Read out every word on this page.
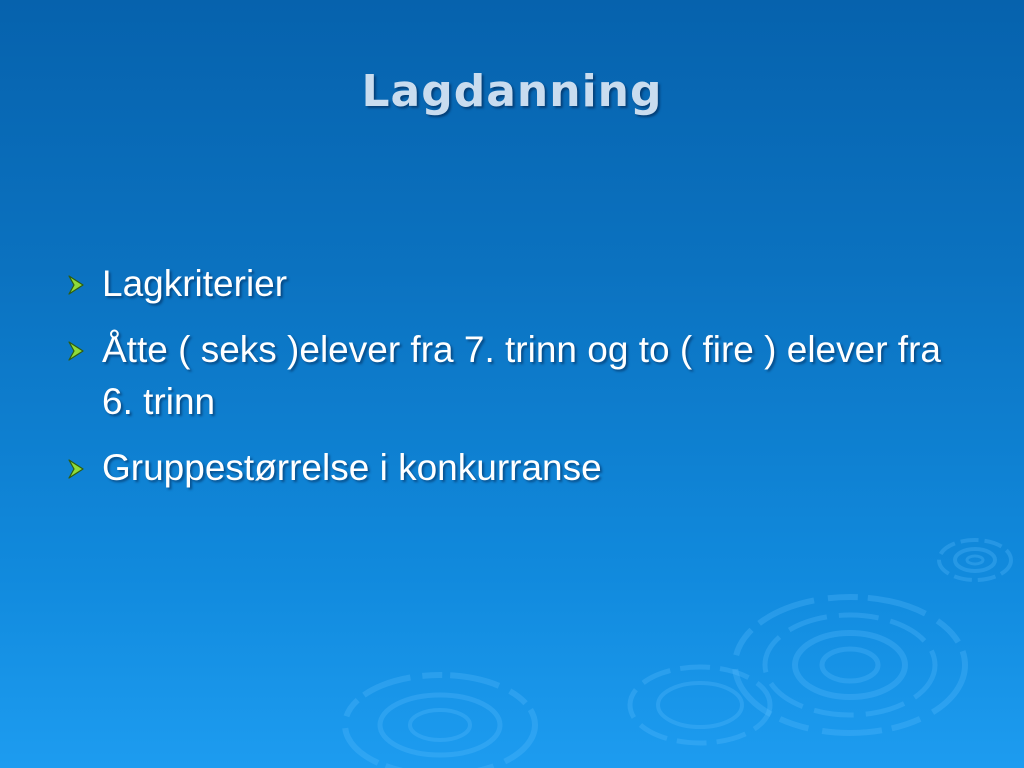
Lagdanning
Lagkriterier
Åtte ( seks )elever fra 7. trinn og to ( fire ) elever fra 6. trinn
Gruppestørrelse i konkurranse
